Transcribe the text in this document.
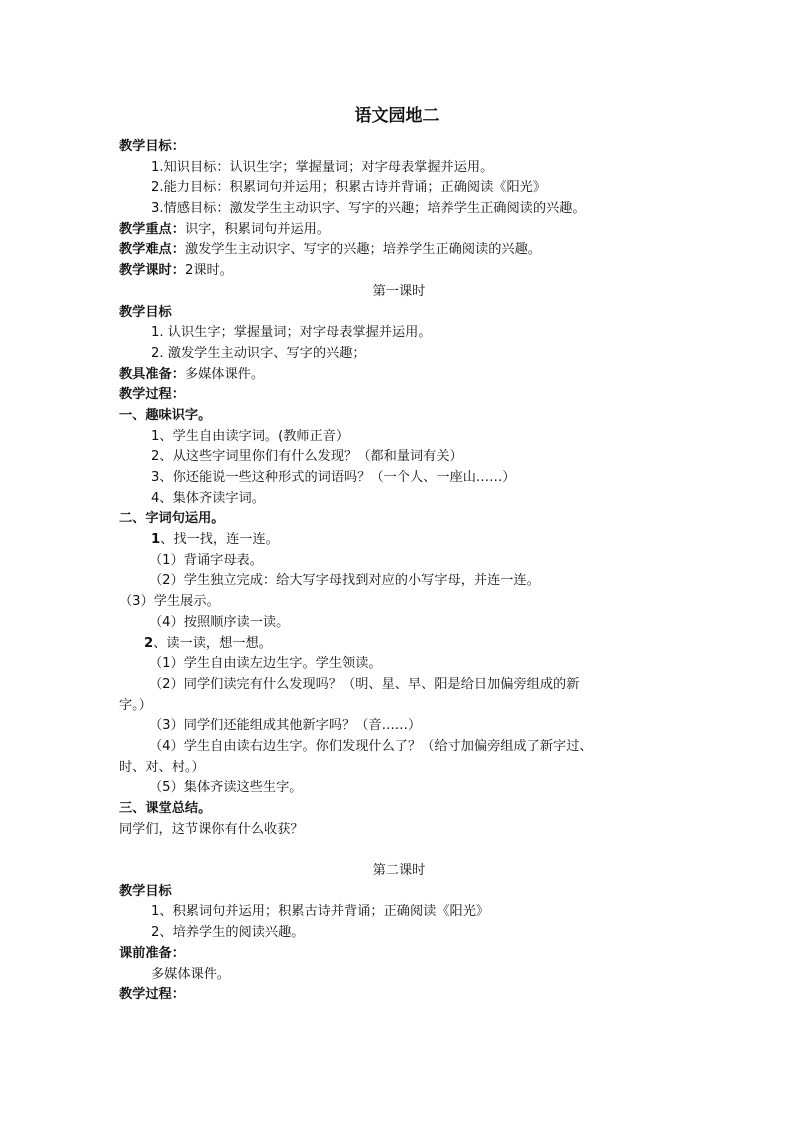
语文园地二
教学目标：
1.知识目标：认识生字；掌握量词；对字母表掌握并运用。
2.能力目标：积累词句并运用；积累古诗并背诵；正确阅读《阳光》
3.情感目标：激发学生主动识字、写字的兴趣；培养学生正确阅读的兴趣。
教学重点：识字，积累词句并运用。
教学难点：激发学生主动识字、写字的兴趣；培养学生正确阅读的兴趣。
教学课时：2课时。
第一课时
教学目标
1. 认识生字；掌握量词；对字母表掌握并运用。
2. 激发学生主动识字、写字的兴趣；
教具准备：多媒体课件。
教学过程：
一、趣味识字。
1、学生自由读字词。(教师正音）
2、从这些字词里你们有什么发现？（都和量词有关）
3、你还能说一些这种形式的词语吗？（一个人、一座山……）
4、集体齐读字词。
二、字词句运用。
1、找一找，连一连。
（1）背诵字母表。
（2）学生独立完成：给大写字母找到对应的小写字母，并连一连。
（3）学生展示。
（4）按照顺序读一读。
2、读一读，想一想。
（1）学生自由读左边生字。学生领读。
（2）同学们读完有什么发现吗？（明、星、早、阳是给日加偏旁组成的新
字。）
（3）同学们还能组成其他新字吗？（音……）
（4）学生自由读右边生字。你们发现什么了？（给寸加偏旁组成了新字过、
时、对、村。）
（5）集体齐读这些生字。
三、课堂总结。
同学们，这节课你有什么收获？
第二课时
教学目标
1、积累词句并运用；积累古诗并背诵；正确阅读《阳光》
2、培养学生的阅读兴趣。
课前准备：
多媒体课件。
教学过程：
